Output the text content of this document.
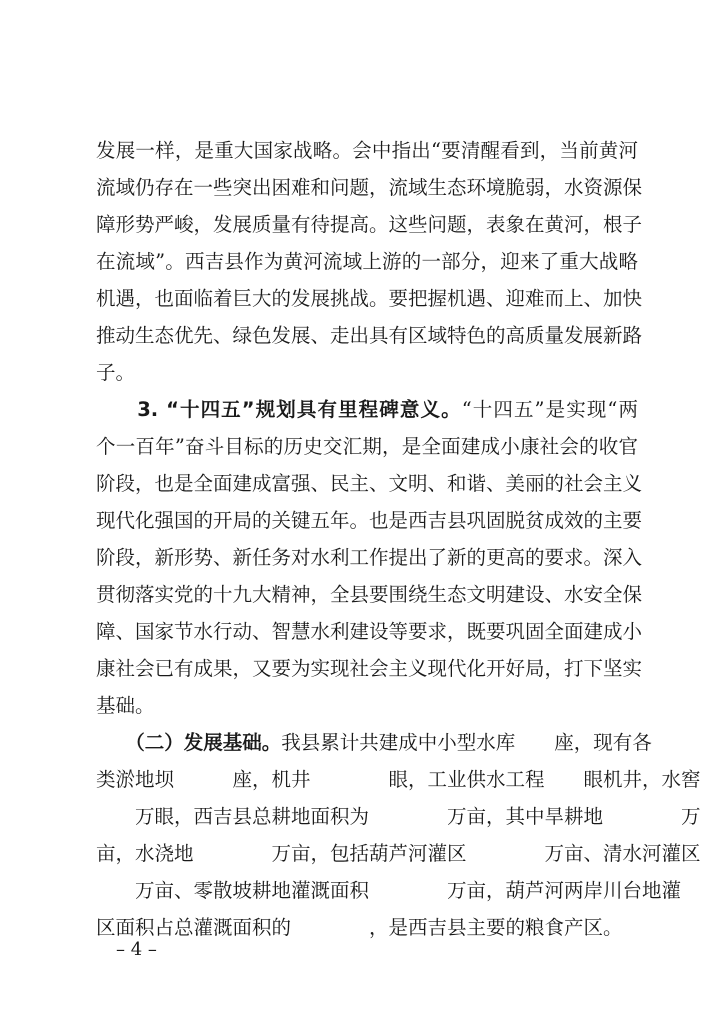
发展一样，是重大国家战略。会中指出“要清醒看到，当前黄河
流域仍存在一些突出困难和问题，流域生态环境脆弱，水资源保
障形势严峻，发展质量有待提高。这些问题，表象在黄河，根子
在流域”。西吉县作为黄河流域上游的一部分，迎来了重大战略
机遇，也面临着巨大的发展挑战。要把握机遇、迎难而上、加快
推动生态优先、绿色发展、走出具有区域特色的高质量发展新路
子。
　　3. “十四五”规划具有里程碑意义。“十四五”是实现“两
个一百年”奋斗目标的历史交汇期，是全面建成小康社会的收官
阶段，也是全面建成富强、民主、文明、和谐、美丽的社会主义
现代化强国的开局的关键五年。也是西吉县巩固脱贫成效的主要
阶段，新形势、新任务对水利工作提出了新的更高的要求。深入
贯彻落实党的十九大精神，全县要围绕生态文明建设、水安全保
障、国家节水行动、智慧水利建设等要求，既要巩固全面建成小
康社会已有成果，又要为实现社会主义现代化开好局，打下坚实
基础。
　　（二）发展基础。我县累计共建成中小型水库　　座，现有各
类淤地坝　　　座，机井　　　　眼，工业供水工程　　眼机井，水窖
　　万眼，西吉县总耕地面积为　　　　万亩，其中旱耕地　　　　万
亩，水浇地　　　　万亩，包括葫芦河灌区　　　　万亩、清水河灌区
　　万亩、零散坡耕地灌溉面积　　　　万亩，葫芦河两岸川台地灌
区面积占总灌溉面积的　　　　，是西吉县主要的粮食产区。
– 4 –
